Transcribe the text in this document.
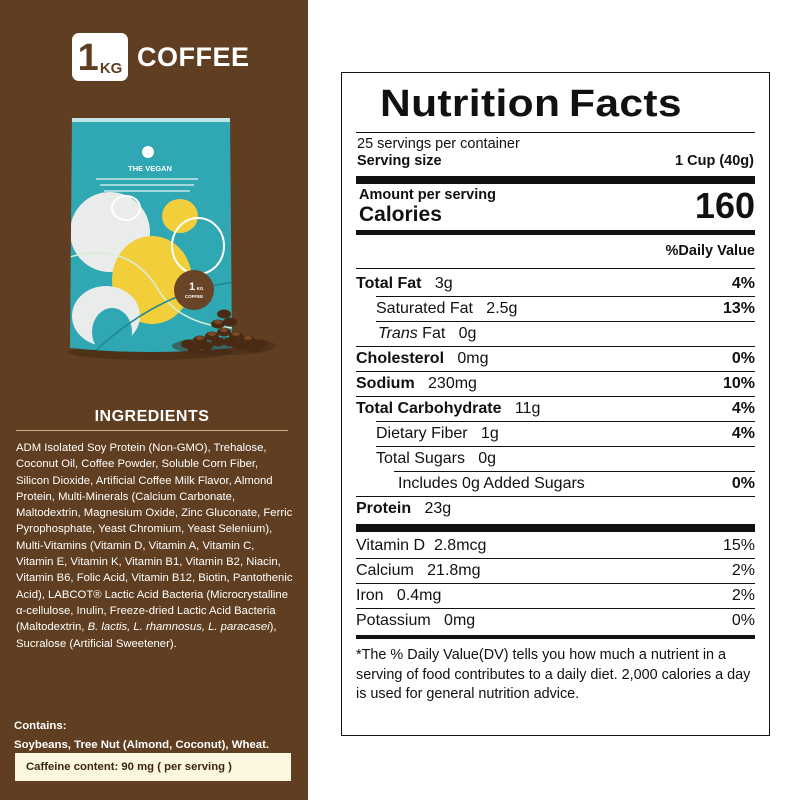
1 KG COFFEE
THE VEGAN
1 KG
COFFEE
INGREDIENTS
ADM Isolated Soy Protein (Non-GMO), Trehalose, Coconut Oil, Coffee Powder, Soluble Corn Fiber, Silicon Dioxide, Artificial Coffee Milk Flavor, Almond Protein, Multi-Minerals (Calcium Carbonate, Maltodextrin, Magnesium Oxide, Zinc Gluconate, Ferric Pyrophosphate, Yeast Chromium, Yeast Selenium), Multi-Vitamins (Vitamin D, Vitamin A, Vitamin C, Vitamin E, Vitamin K, Vitamin B1, Vitamin B2, Niacin, Vitamin B6, Folic Acid, Vitamin B12, Biotin, Pantothenic Acid), LABCOT® Lactic Acid Bacteria (Microcrystalline α-cellulose, Inulin, Freeze-dried Lactic Acid Bacteria (Maltodextrin, B. lactis, L. rhamnosus, L. paracasei), Sucralose (Artificial Sweetener).
Contains:
Soybeans, Tree Nut (Almond, Coconut), Wheat.
Caffeine content: 90 mg ( per serving )
Nutrition Facts
25 servings per container
Serving size	1 Cup (40g)
Amount per serving
Calories	160
%Daily Value
Total Fat 3g	4%
Saturated Fat 2.5g	13%
Trans Fat 0g
Cholesterol 0mg	0%
Sodium 230mg	10%
Total Carbohydrate 11g	4%
Dietary Fiber 1g	4%
Total Sugars 0g
Includes 0g Added Sugars	0%
Protein 23g
Vitamin D 2.8mcg	15%
Calcium 21.8mg	2%
Iron 0.4mg	2%
Potassium 0mg	0%
*The % Daily Value(DV) tells you how much a nutrient in a serving of food contributes to a daily diet. 2,000 calories a day is used for general nutrition advice.
